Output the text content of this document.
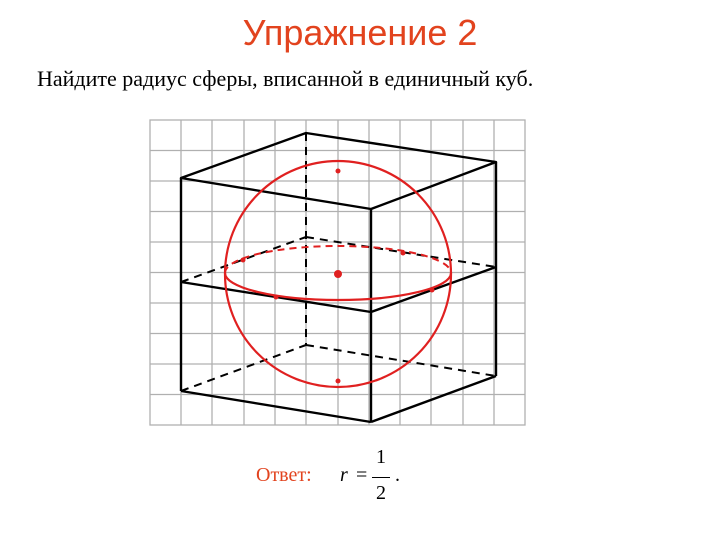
Упражнение 2
Найдите радиус сферы, вписанной в единичный куб.
Ответ: r =
1
2
.
